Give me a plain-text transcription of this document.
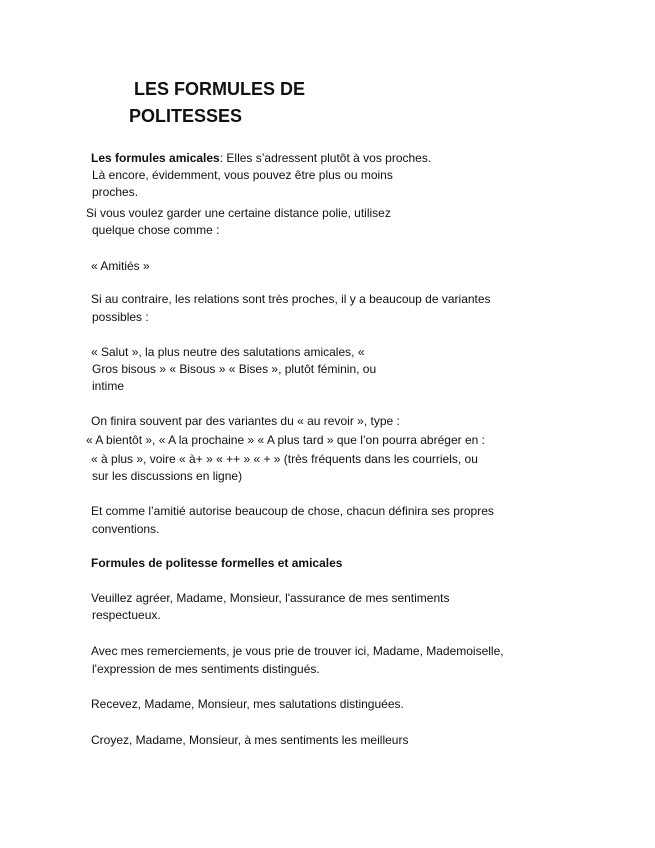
LES FORMULES DE
POLITESSES

Les formules amicales: Elles s’adressent plutôt à vos proches.

Là encore, évidemment, vous pouvez être plus ou moins

proches.

Si vous voulez garder une certaine distance polie, utilisez

quelque chose comme :

« Amitiés »

Si au contraire, les relations sont très proches, il y a beaucoup de variantes

possibles :

« Salut », la plus neutre des salutations amicales, «

Gros bisous » « Bisous » « Bises », plutôt féminin, ou

intime

On finira souvent par des variantes du « au revoir », type :

« A bientôt », « A la prochaine » « A plus tard » que l’on pourra abréger en :

« à plus », voire « à+ » « ++ » « + » (très fréquents dans les courriels, ou

sur les discussions en ligne)

Et comme l’amitié autorise beaucoup de chose, chacun définira ses propres

conventions.

Formules de politesse formelles et amicales

Veuillez agréer, Madame, Monsieur, l'assurance de mes sentiments

respectueux.

Avec mes remerciements, je vous prie de trouver ici, Madame, Mademoiselle,

l'expression de mes sentiments distingués.

Recevez, Madame, Monsieur, mes salutations distinguées.

Croyez, Madame, Monsieur, à mes sentiments les meilleurs
